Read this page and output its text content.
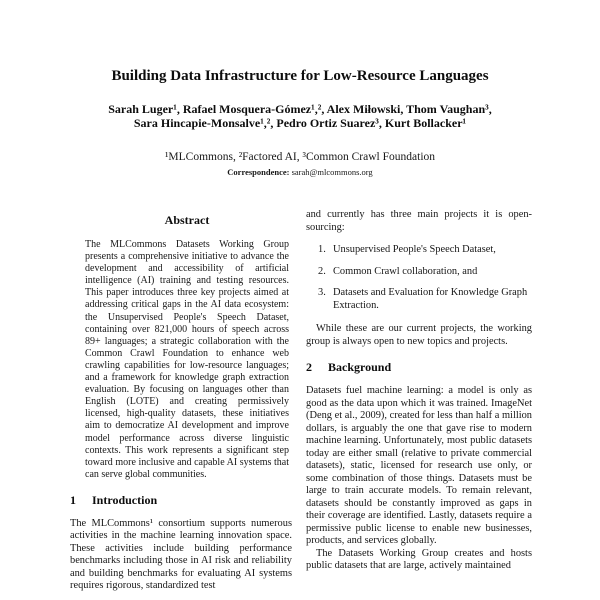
Building Data Infrastructure for Low-Resource Languages
Sarah Luger¹, Rafael Mosquera-Gómez¹,², Alex Miłowski, Thom Vaughan³,
Sara Hincapie-Monsalve¹,², Pedro Ortiz Suarez³, Kurt Bollacker¹
¹MLCommons, ²Factored AI, ³Common Crawl Foundation
Correspondence: sarah@mlcommons.org
Abstract

The MLCommons Datasets Working Group presents a comprehensive initiative to advance the development and accessibility of artificial intelligence (AI) training and testing resources. This paper introduces three key projects aimed at addressing critical gaps in the AI data ecosystem: the Unsupervised People's Speech Dataset, containing over 821,000 hours of speech across 89+ languages; a strategic collaboration with the Common Crawl Foundation to enhance web crawling capabilities for low-resource languages; and a framework for knowledge graph extraction evaluation. By focusing on languages other than English (LOTE) and creating permissively licensed, high-quality datasets, these initiatives aim to democratize AI development and improve model performance across diverse linguistic contexts. This work represents a significant step toward more inclusive and capable AI systems that can serve global communities.

1 Introduction

The MLCommons¹ consortium supports numerous activities in the machine learning innovation space. These activities include building performance benchmarks including those in AI risk and reliability and building benchmarks for evaluating AI systems requires rigorous, standardized test

and currently has three main projects it is open-sourcing:

1. Unsupervised People's Speech Dataset,
2. Common Crawl collaboration, and
3. Datasets and Evaluation for Knowledge Graph Extraction.

While these are our current projects, the working group is always open to new topics and projects.

2 Background

Datasets fuel machine learning: a model is only as good as the data upon which it was trained. ImageNet (Deng et al., 2009), created for less than half a million dollars, is arguably the one that gave rise to modern machine learning. Unfortunately, most public datasets today are either small (relative to private commercial datasets), static, licensed for research use only, or some combination of those things. Datasets must be large to train accurate models. To remain relevant, datasets should be constantly improved as gaps in their coverage are identified. Lastly, datasets require a permissive public license to enable new businesses, products, and services globally.

The Datasets Working Group creates and hosts public datasets that are large, actively maintained
